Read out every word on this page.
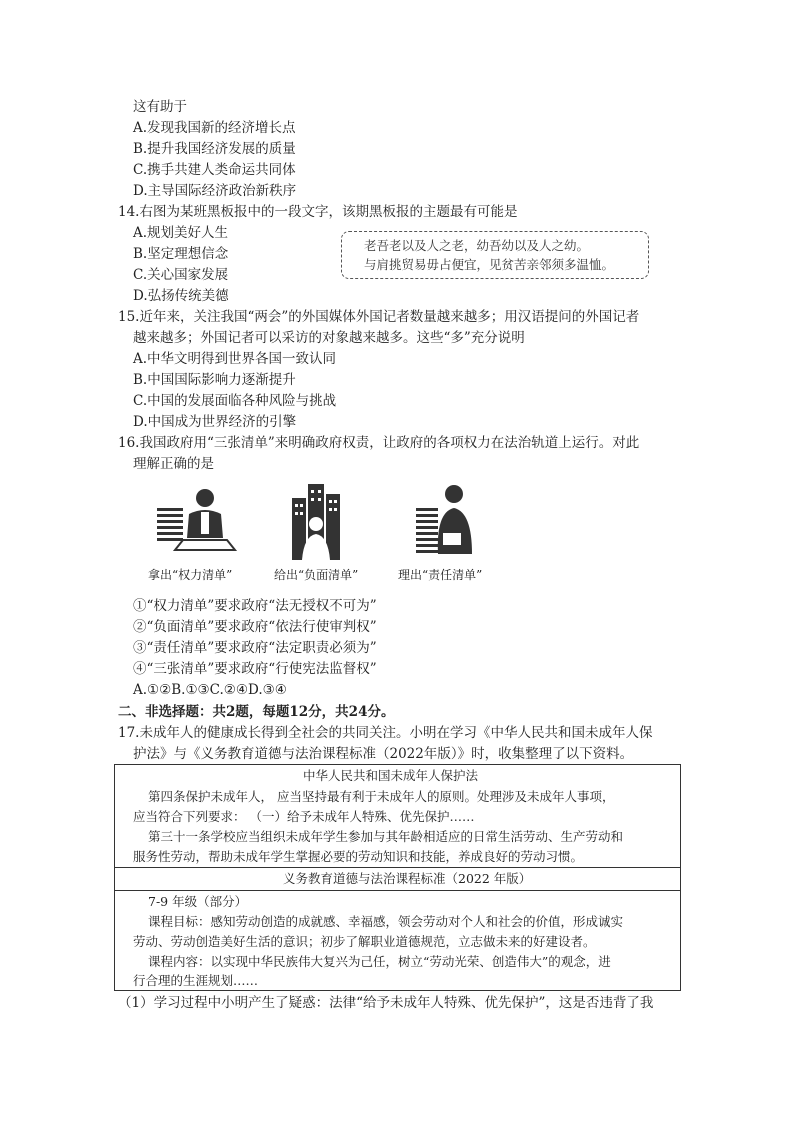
这有助于
A.发现我国新的经济增长点
B.提升我国经济发展的质量
C.携手共建人类命运共同体
D.主导国际经济政治新秩序
14.右图为某班黑板报中的一段文字，该期黑板报的主题最有可能是
A.规划美好人生
B.坚定理想信念
C.关心国家发展
D.弘扬传统美德
老吾老以及人之老，幼吾幼以及人之幼。
与肩挑贸易毋占便宜，见贫苦亲邻须多温恤。
15.近年来，关注我国“两会”的外国媒体外国记者数量越来越多；用汉语提问的外国记者
越来越多；外国记者可以采访的对象越来越多。这些“多”充分说明
A.中华文明得到世界各国一致认同
B.中国国际影响力逐渐提升
C.中国的发展面临各种风险与挑战
D.中国成为世界经济的引擎
16.我国政府用“三张清单”来明确政府权责，让政府的各项权力在法治轨道上运行。对此
理解正确的是
拿出“权力清单”	给出“负面清单”	理出“责任清单”
①“权力清单”要求政府“法无授权不可为”
②“负面清单”要求政府“依法行使审判权”
③“责任清单”要求政府“法定职责必须为”
④“三张清单”要求政府“行使宪法监督权”
A.①②B.①③C.②④D.③④
二、非选择题：共2题，每题12分，共24分。
17.未成年人的健康成长得到全社会的共同关注。小明在学习《中华人民共和国未成年人保
护法》与《义务教育道德与法治课程标准（2022年版）》时，收集整理了以下资料。
中华人民共和国未成年人保护法
第四条保护未成年人， 应当坚持最有利于未成年人的原则。处理涉及未成年人事项，
应当符合下列要求： （一）给予未成年人特殊、优先保护……
第三十一条学校应当组织未成年学生参加与其年龄相适应的日常生活劳动、生产劳动和
服务性劳动，帮助未成年学生掌握必要的劳动知识和技能，养成良好的劳动习惯。
义务教育道德与法治课程标准（2022 年版）
7-9 年级（部分）
课程目标：感知劳动创造的成就感、幸福感，领会劳动对个人和社会的价值，形成诚实
劳动、劳动创造美好生活的意识；初步了解职业道德规范，立志做未来的好建设者。
课程内容：以实现中华民族伟大复兴为己任，树立“劳动光荣、创造伟大”的观念，进
行合理的生涯规划……
（1）学习过程中小明产生了疑惑：法律“给予未成年人特殊、优先保护”，这是否违背了我
